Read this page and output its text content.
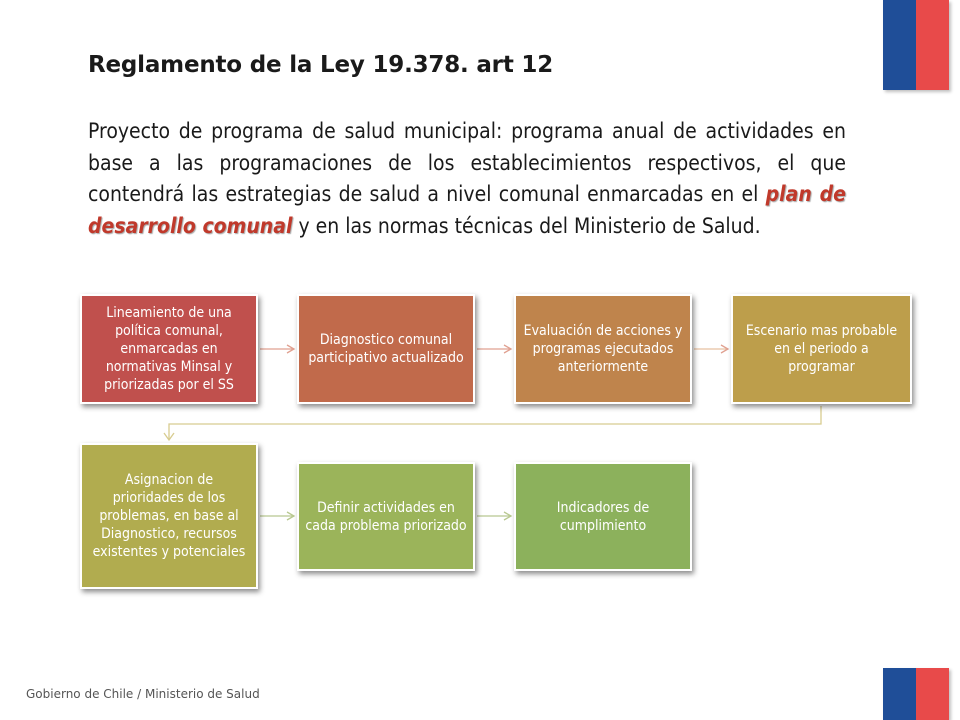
Reglamento de la Ley 19.378. art 12
Proyecto de programa de salud municipal: programa anual de actividades en base a las programaciones de los establecimientos respectivos, el que contendrá las estrategias de salud a nivel comunal enmarcadas en el plan de desarrollo comunal y en las normas técnicas del Ministerio de Salud.
Lineamiento de una política comunal, enmarcadas en normativas Minsal y priorizadas por el SS
Diagnostico comunal participativo actualizado
Evaluación de acciones y programas ejecutados anteriormente
Escenario mas probable en el periodo a programar
Asignacion de prioridades de los problemas, en base al Diagnostico, recursos existentes y potenciales
Definir actividades en cada problema priorizado
Indicadores de cumplimiento
Gobierno de Chile / Ministerio de Salud
